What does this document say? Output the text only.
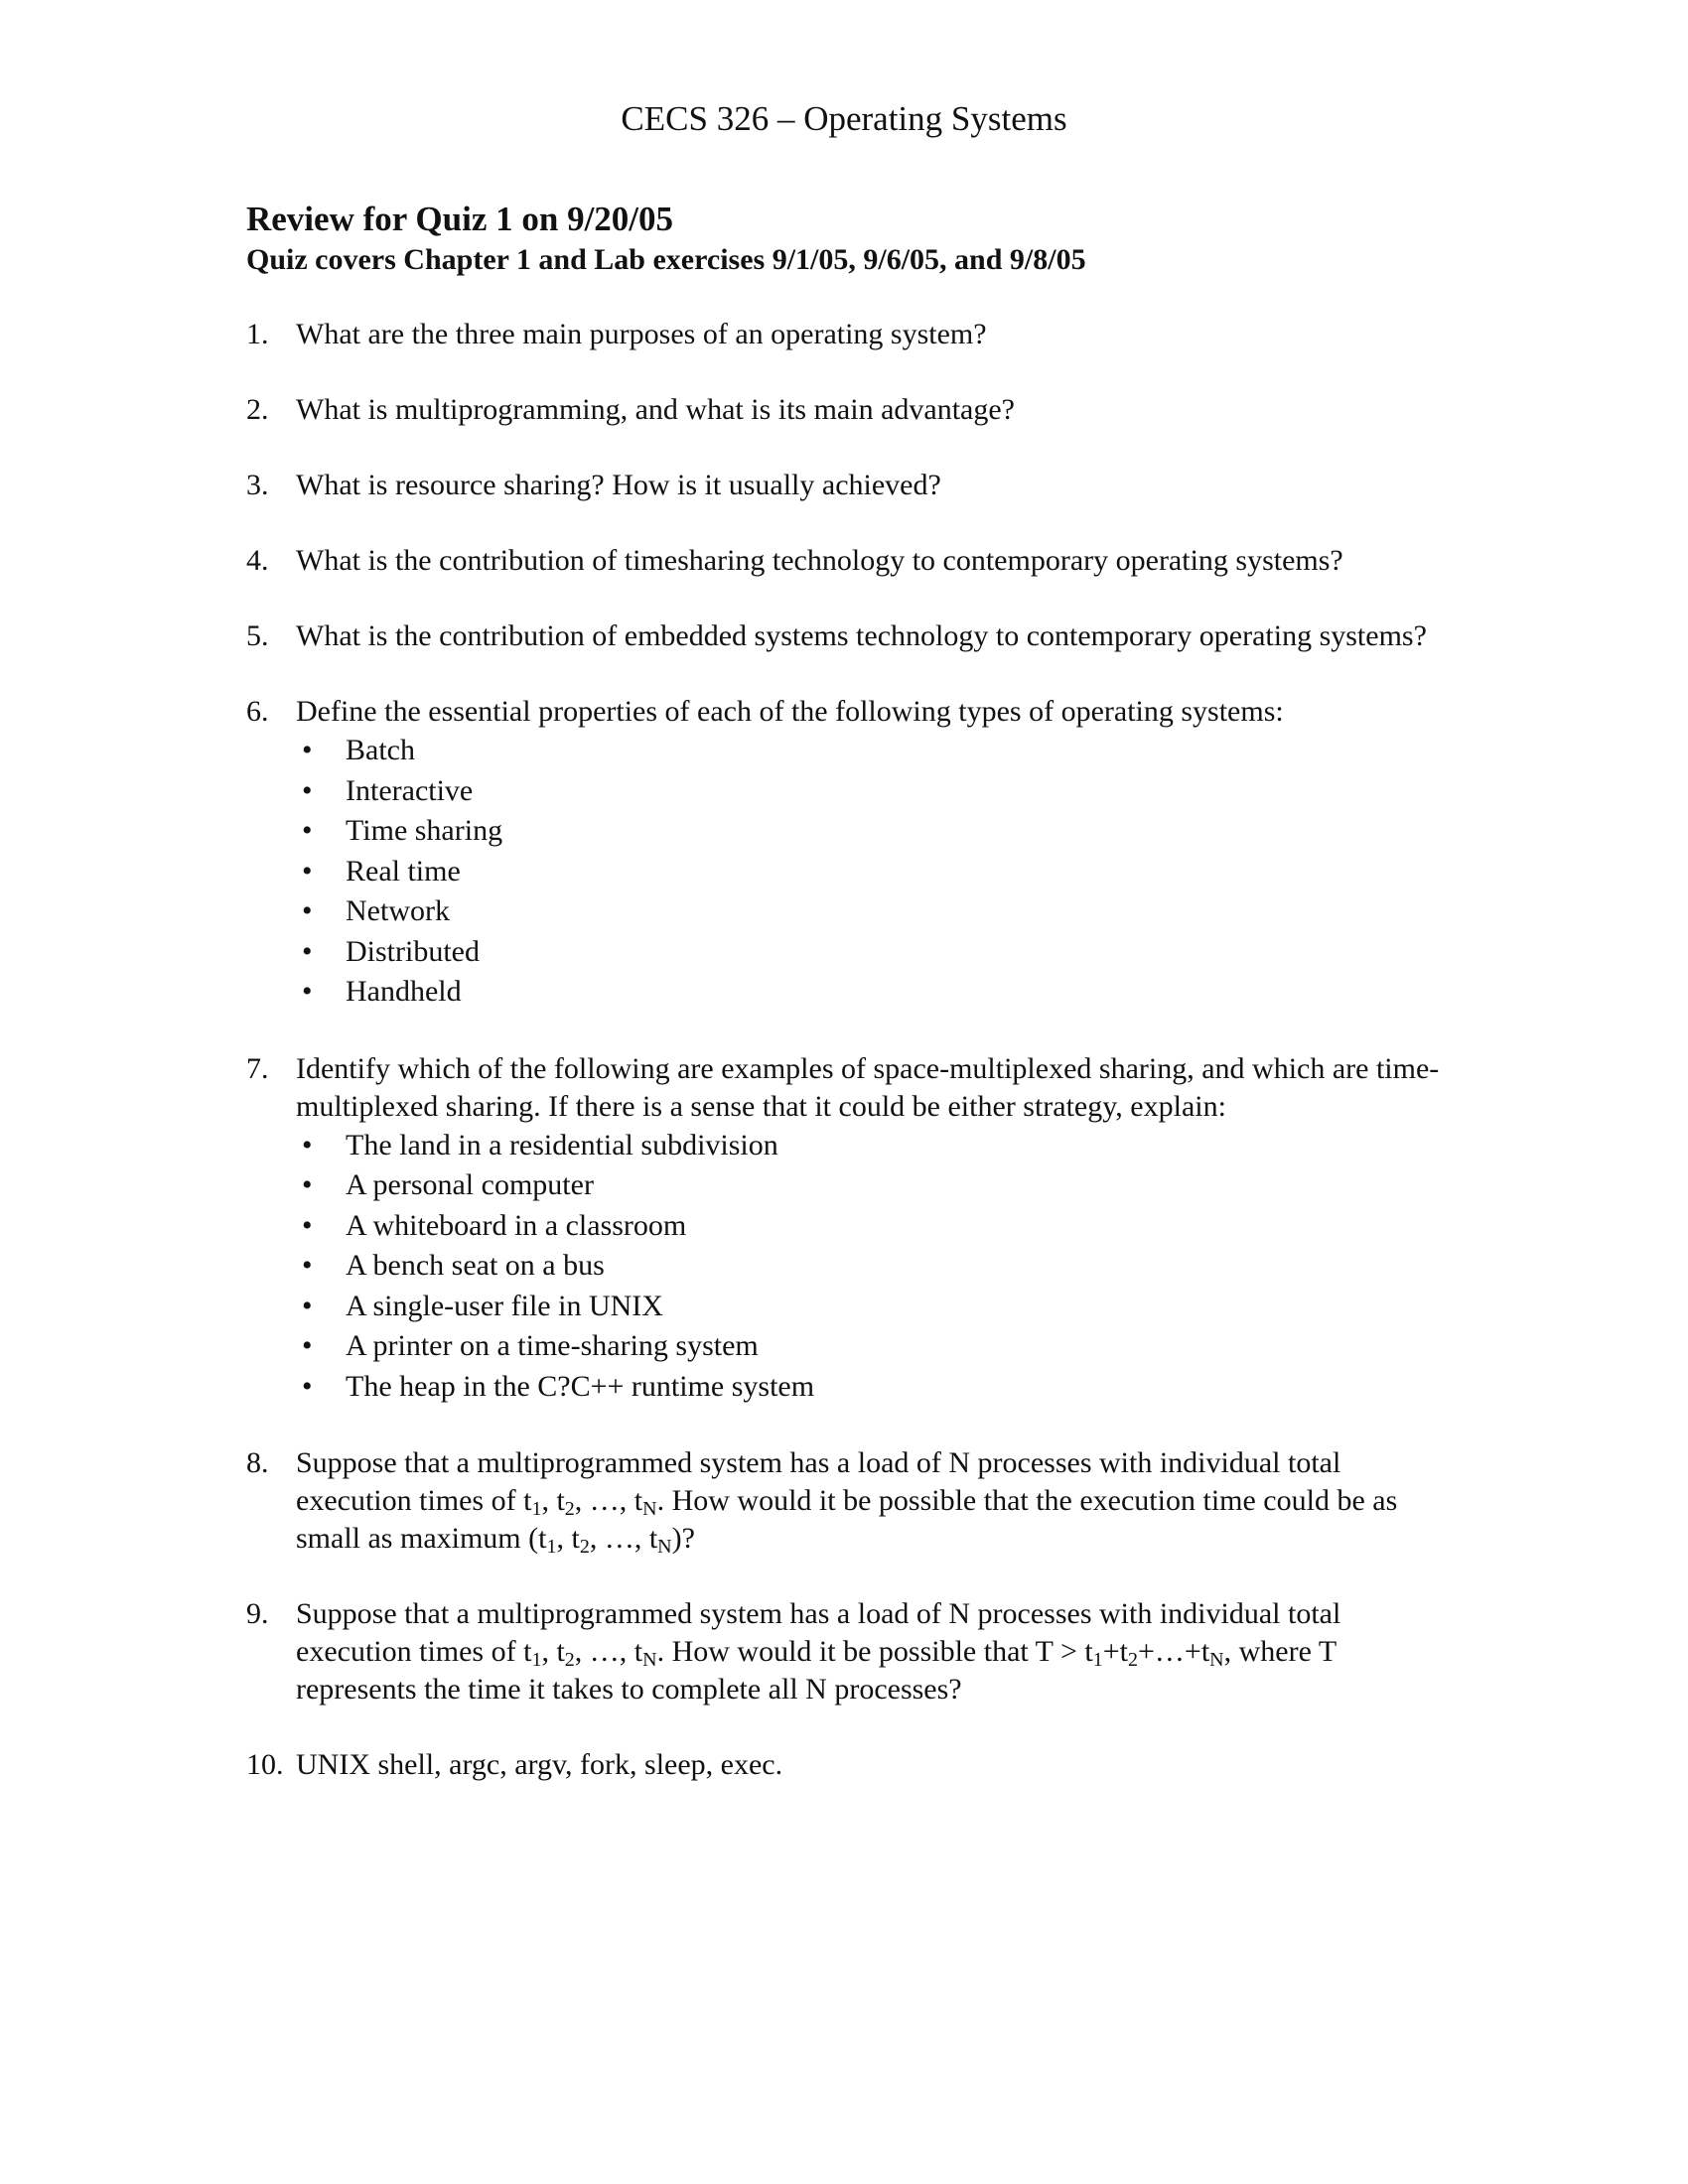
CECS 326 – Operating Systems
Review for Quiz 1 on 9/20/05
Quiz covers Chapter 1 and Lab exercises 9/1/05, 9/6/05, and 9/8/05
1. What are the three main purposes of an operating system?
2. What is multiprogramming, and what is its main advantage?
3. What is resource sharing? How is it usually achieved?
4. What is the contribution of timesharing technology to contemporary operating systems?
5. What is the contribution of embedded systems technology to contemporary operating systems?
6. Define the essential properties of each of the following types of operating systems:
• Batch
• Interactive
• Time sharing
• Real time
• Network
• Distributed
• Handheld
7. Identify which of the following are examples of space-multiplexed sharing, and which are time-multiplexed sharing. If there is a sense that it could be either strategy, explain:
• The land in a residential subdivision
• A personal computer
• A whiteboard in a classroom
• A bench seat on a bus
• A single-user file in UNIX
• A printer on a time-sharing system
• The heap in the C?C++ runtime system
8. Suppose that a multiprogrammed system has a load of N processes with individual total execution times of $t_1$, $t_2$, …, $t_N$. How would it be possible that the execution time could be as small as maximum ($t_1$, $t_2$, …, $t_N$)?
9. Suppose that a multiprogrammed system has a load of N processes with individual total execution times of $t_1$, $t_2$, …, $t_N$. How would it be possible that $T > t_1+t_2+\dots+t_N$, where T represents the time it takes to complete all N processes?
10. UNIX shell, argc, argv, fork, sleep, exec.
